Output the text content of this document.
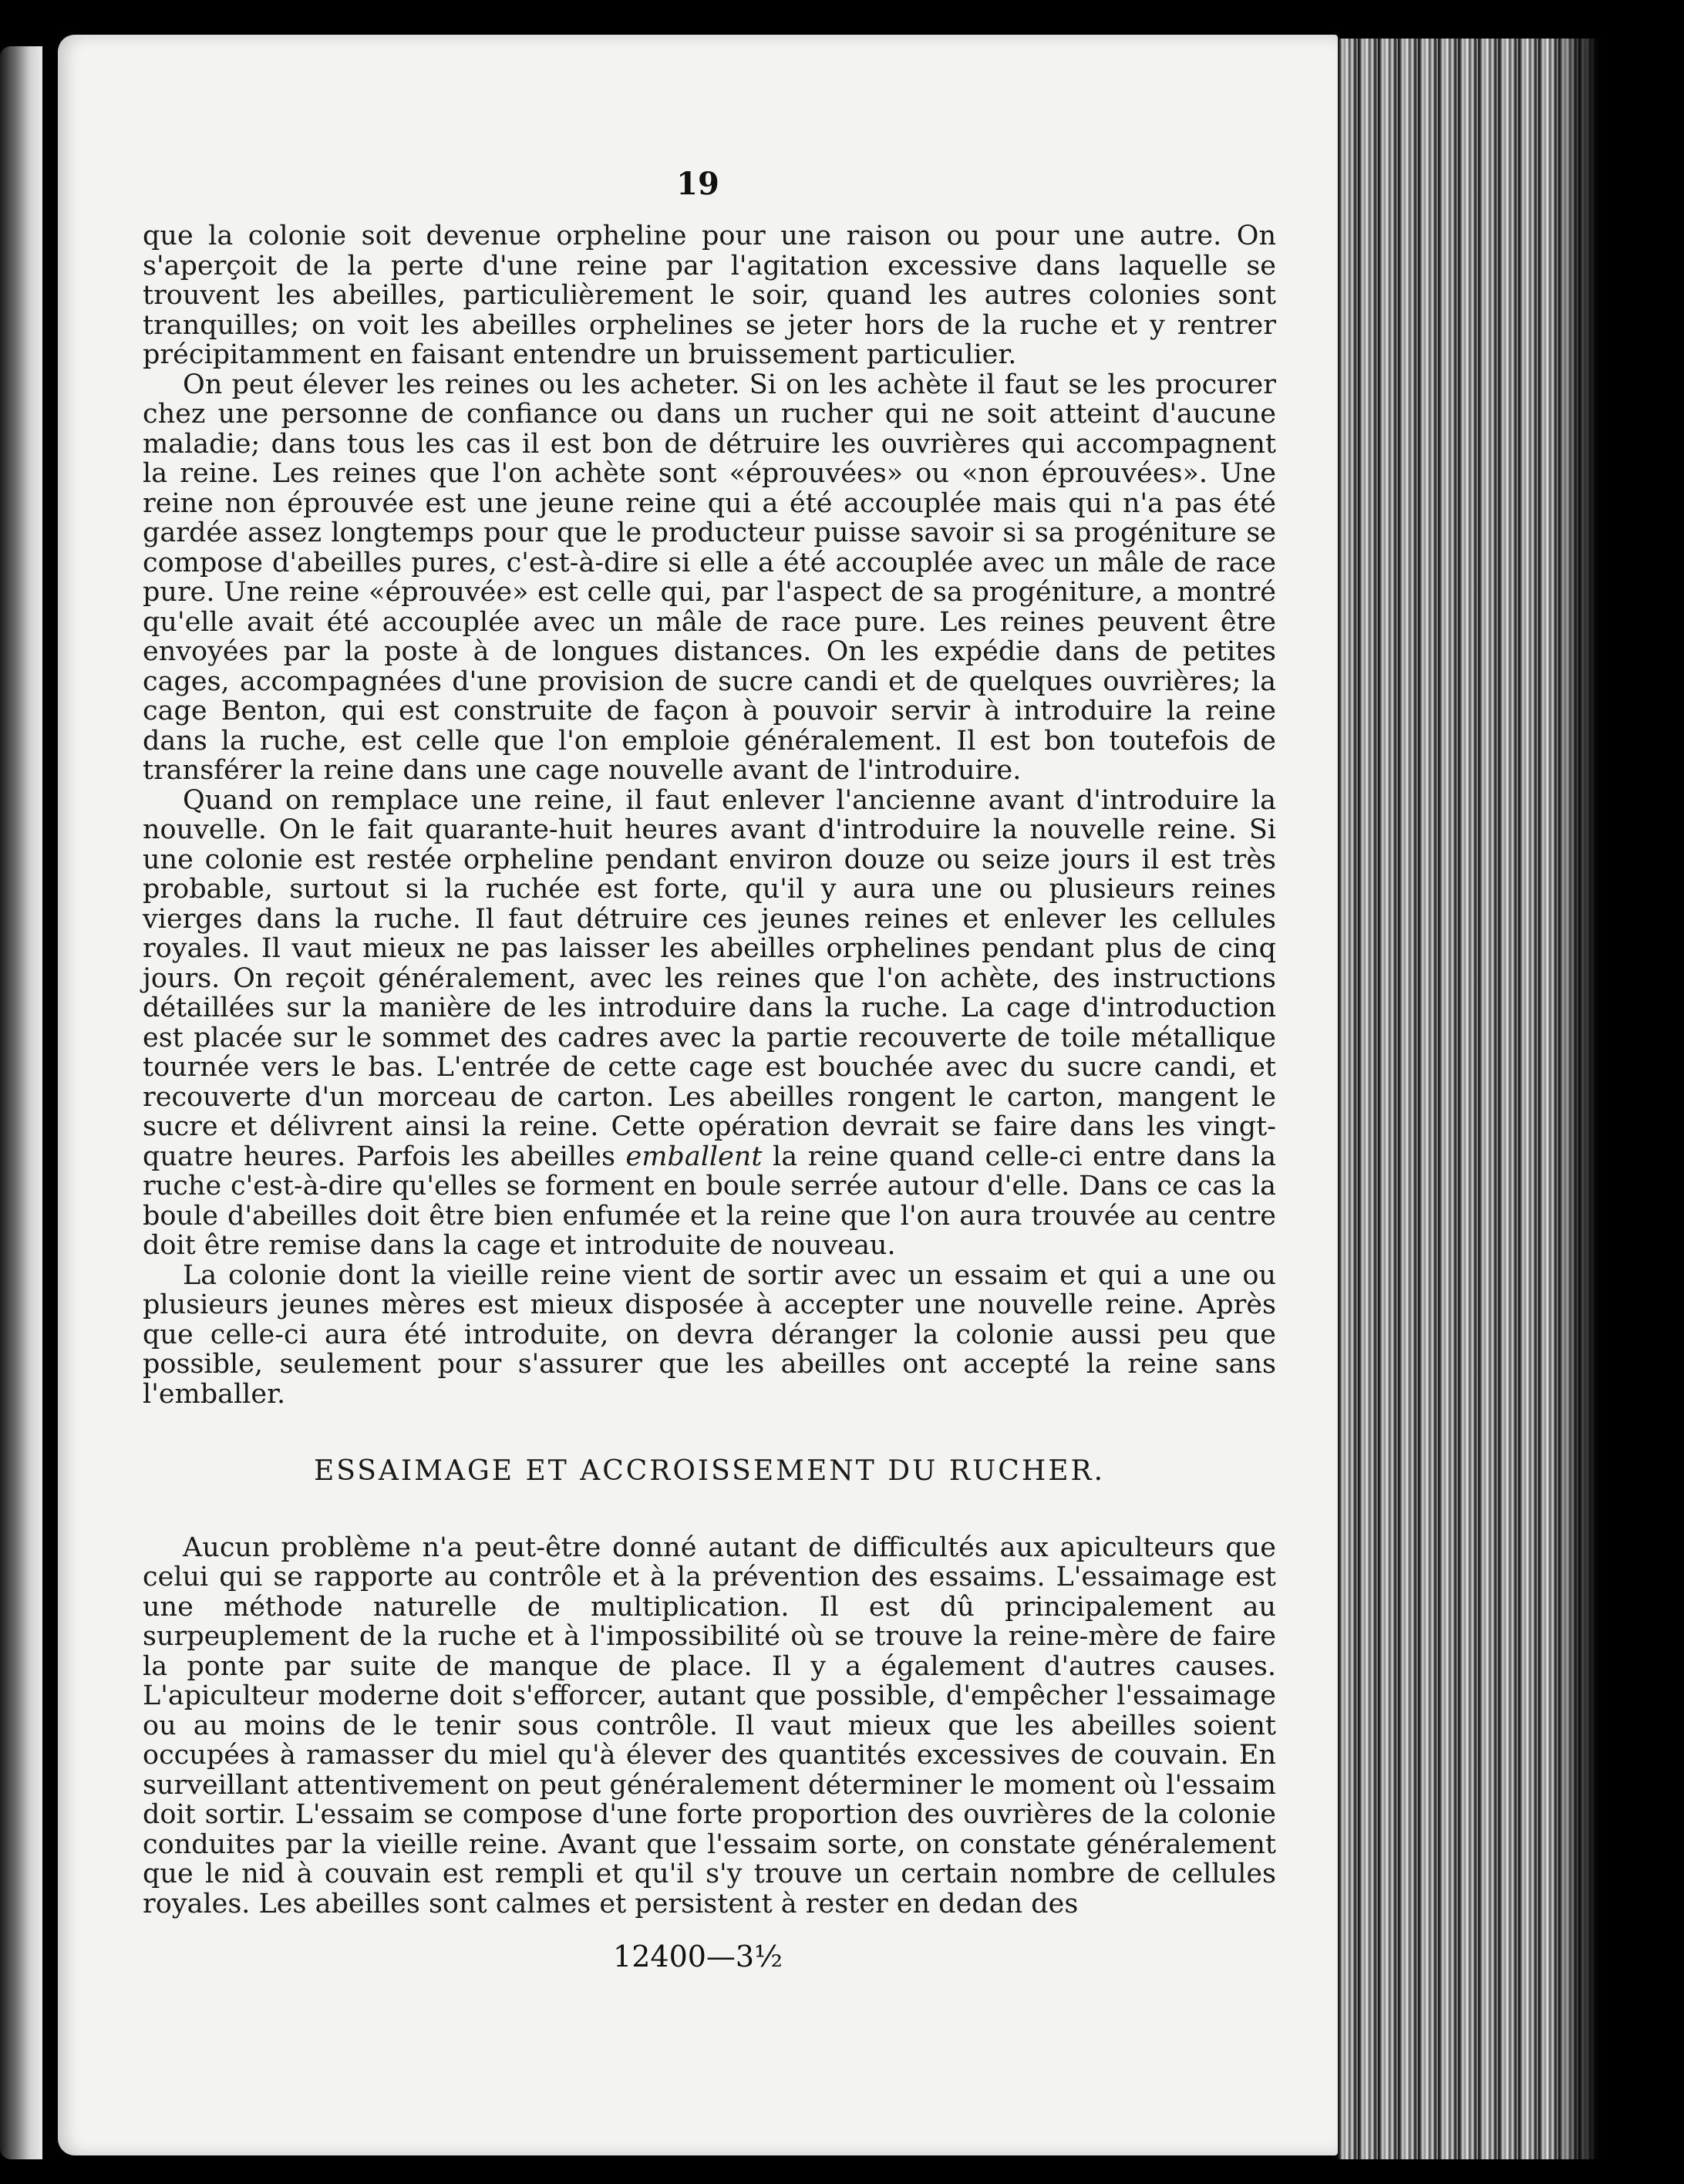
19

que la colonie soit devenue orpheline pour une raison ou pour une autre. On s'aperçoit de la perte d'une reine par l'agitation excessive dans laquelle se trouvent les abeilles, particulièrement le soir, quand les autres colonies sont tranquilles; on voit les abeilles orphelines se jeter hors de la ruche et y rentrer précipitamment en faisant entendre un bruissement particulier.

On peut élever les reines ou les acheter. Si on les achète il faut se les procurer chez une personne de confiance ou dans un rucher qui ne soit atteint d'aucune maladie; dans tous les cas il est bon de détruire les ouvrières qui accompagnent la reine. Les reines que l'on achète sont «éprouvées» ou «non éprouvées». Une reine non éprouvée est une jeune reine qui a été accouplée mais qui n'a pas été gardée assez longtemps pour que le producteur puisse savoir si sa progéniture se compose d'abeilles pures, c'est-à-dire si elle a été accouplée avec un mâle de race pure. Une reine «éprouvée» est celle qui, par l'aspect de sa progéniture, a montré qu'elle avait été accouplée avec un mâle de race pure. Les reines peuvent être envoyées par la poste à de longues distances. On les expédie dans de petites cages, accompagnées d'une provision de sucre candi et de quelques ouvrières; la cage Benton, qui est construite de façon à pouvoir servir à introduire la reine dans la ruche, est celle que l'on emploie généralement. Il est bon toutefois de transférer la reine dans une cage nouvelle avant de l'introduire.

Quand on remplace une reine, il faut enlever l'ancienne avant d'introduire la nouvelle. On le fait quarante-huit heures avant d'introduire la nouvelle reine. Si une colonie est restée orpheline pendant environ douze ou seize jours il est très probable, surtout si la ruchée est forte, qu'il y aura une ou plusieurs reines vierges dans la ruche. Il faut détruire ces jeunes reines et enlever les cellules royales. Il vaut mieux ne pas laisser les abeilles orphelines pendant plus de cinq jours. On reçoit généralement, avec les reines que l'on achète, des instructions détaillées sur la manière de les introduire dans la ruche. La cage d'introduction est placée sur le sommet des cadres avec la partie recouverte de toile métallique tournée vers le bas. L'entrée de cette cage est bouchée avec du sucre candi, et recouverte d'un morceau de carton. Les abeilles rongent le carton, mangent le sucre et délivrent ainsi la reine. Cette opération devrait se faire dans les vingt-quatre heures. Parfois les abeilles emballent la reine quand celle-ci entre dans la ruche c'est-à-dire qu'elles se forment en boule serrée autour d'elle. Dans ce cas la boule d'abeilles doit être bien enfumée et la reine que l'on aura trouvée au centre doit être remise dans la cage et introduite de nouveau.

La colonie dont la vieille reine vient de sortir avec un essaim et qui a une ou plusieurs jeunes mères est mieux disposée à accepter une nouvelle reine. Après que celle-ci aura été introduite, on devra déranger la colonie aussi peu que possible, seulement pour s'assurer que les abeilles ont accepté la reine sans l'emballer.

ESSAIMAGE ET ACCROISSEMENT DU RUCHER.

Aucun problème n'a peut-être donné autant de difficultés aux apiculteurs que celui qui se rapporte au contrôle et à la prévention des essaims. L'essaimage est une méthode naturelle de multiplication. Il est dû principalement au surpeuplement de la ruche et à l'impossibilité où se trouve la reine-mère de faire la ponte par suite de manque de place. Il y a également d'autres causes. L'apiculteur moderne doit s'efforcer, autant que possible, d'empêcher l'essaimage ou au moins de le tenir sous contrôle. Il vaut mieux que les abeilles soient occupées à ramasser du miel qu'à élever des quantités excessives de couvain. En surveillant attentivement on peut généralement déterminer le moment où l'essaim doit sortir. L'essaim se compose d'une forte proportion des ouvrières de la colonie conduites par la vieille reine. Avant que l'essaim sorte, on constate généralement que le nid à couvain est rempli et qu'il s'y trouve un certain nombre de cellules royales. Les abeilles sont calmes et persistent à rester en dedan des

12400—3½
